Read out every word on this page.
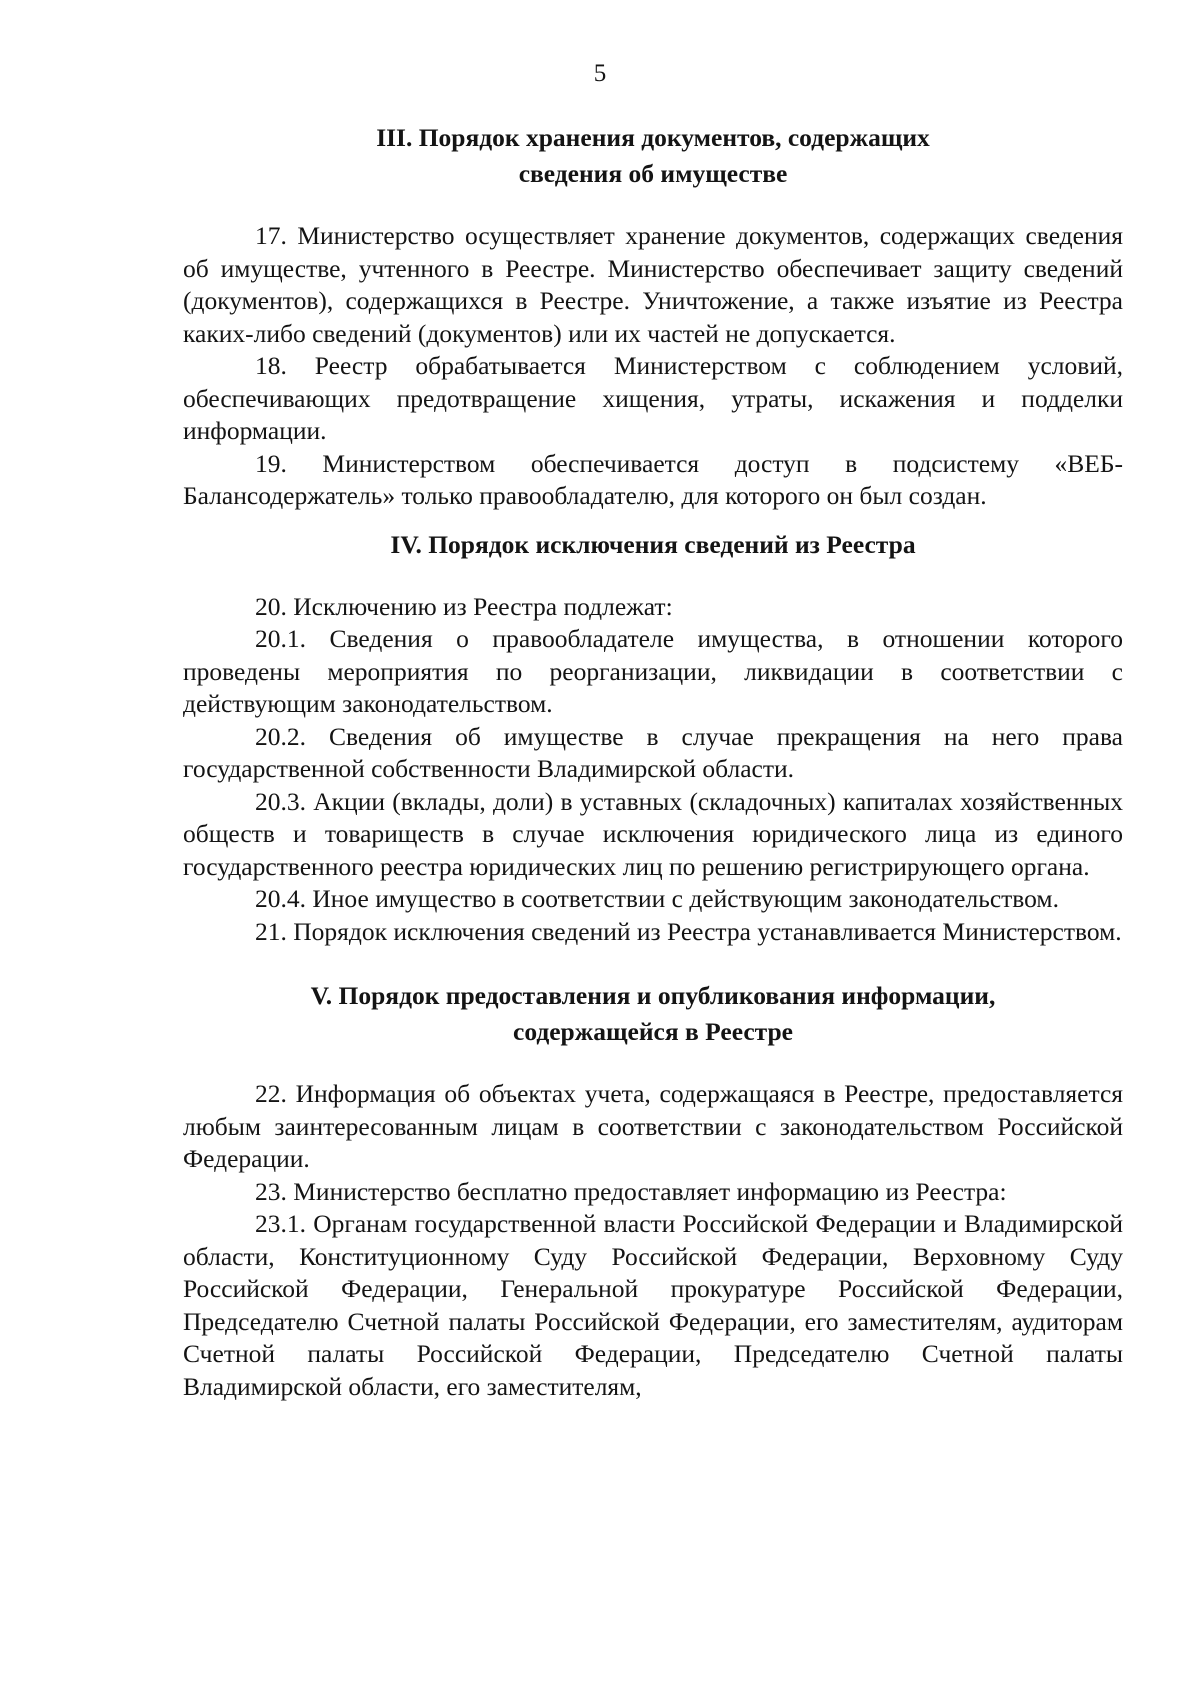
5
III. Порядок хранения документов, содержащих
сведения об имуществе

17. Министерство осуществляет хранение документов, содержащих сведения об имуществе, учтенного в Реестре. Министерство обеспечивает защиту сведений (документов), содержащихся в Реестре. Уничтожение, а также изъятие из Реестра каких-либо сведений (документов) или их частей не допускается.

18. Реестр обрабатывается Министерством с соблюдением условий, обеспечивающих предотвращение хищения, утраты, искажения и подделки информации.

19. Министерством обеспечивается доступ в подсистему «ВЕБ-Балансодержатель» только правообладателю, для которого он был создан.

IV. Порядок исключения сведений из Реестра

20. Исключению из Реестра подлежат:

20.1. Сведения о правообладателе имущества, в отношении которого проведены мероприятия по реорганизации, ликвидации в соответствии с действующим законодательством.

20.2. Сведения об имуществе в случае прекращения на него права государственной собственности Владимирской области.

20.3. Акции (вклады, доли) в уставных (складочных) капиталах хозяйственных обществ и товариществ в случае исключения юридического лица из единого государственного реестра юридических лиц по решению регистрирующего органа.

20.4. Иное имущество в соответствии с действующим законодательством.

21. Порядок исключения сведений из Реестра устанавливается Министерством.

V. Порядок предоставления и опубликования информации,
содержащейся в Реестре

22. Информация об объектах учета, содержащаяся в Реестре, предоставляется любым заинтересованным лицам в соответствии с законодательством Российской Федерации.

23. Министерство бесплатно предоставляет информацию из Реестра:

23.1. Органам государственной власти Российской Федерации и Владимирской области, Конституционному Суду Российской Федерации, Верховному Суду Российской Федерации, Генеральной прокуратуре Российской Федерации, Председателю Счетной палаты Российской Федерации, его заместителям, аудиторам Счетной палаты Российской Федерации, Председателю Счетной палаты Владимирской области, его заместителям,
